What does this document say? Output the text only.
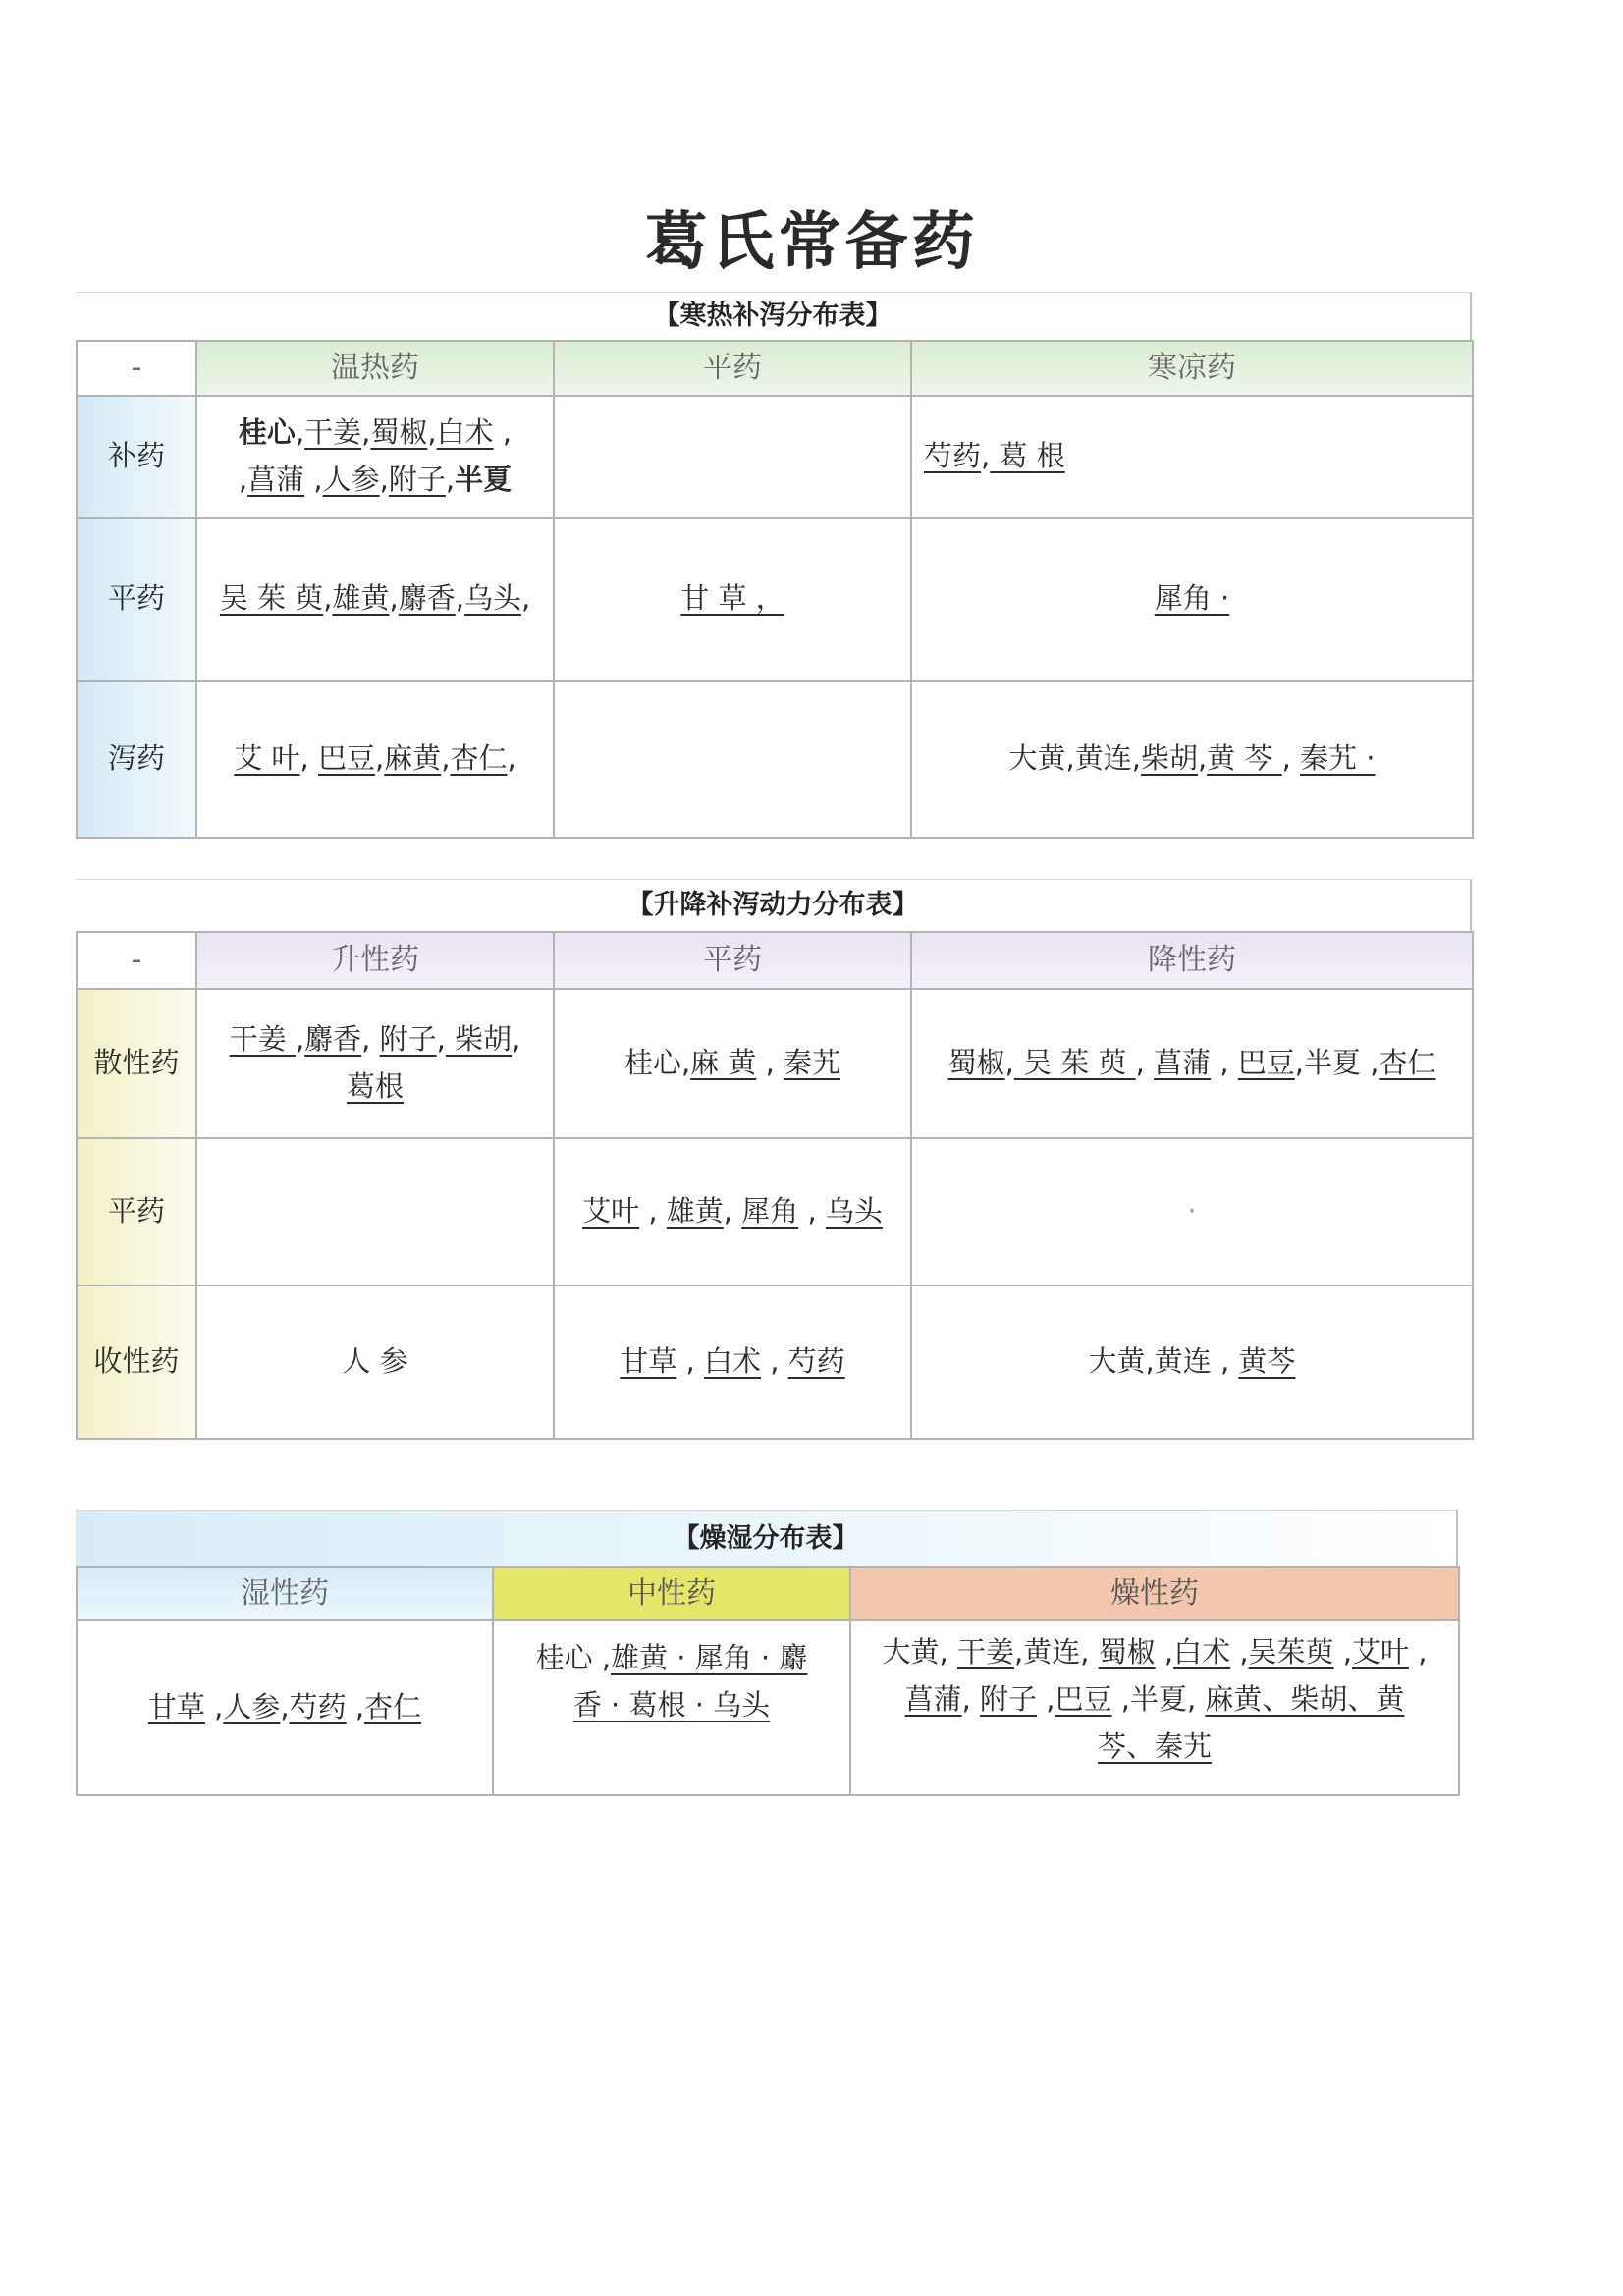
葛氏常备药
【寒热补泻分布表】
-	温热药	平药	寒凉药
补药	桂心,干姜,蜀椒,白术 ,
,菖蒲 ,人参,附子,半夏		芍药, 葛 根
平药	吴 茱 萸,雄黄,麝香,乌头,	甘 草 ，	犀角 ·
泻药	艾 叶, 巴豆,麻黄,杏仁,		大黄,黄连,柴胡,黄 芩 , 秦艽 ·
【升降补泻动力分布表】
-	升性药	平药	降性药
散性药	干姜 ,麝香, 附子, 柴胡,
葛根	桂心,麻 黄 , 秦艽	蜀椒, 吴 茱 萸 , 菖蒲 , 巴豆,半夏 ,杏仁
平药		艾叶 , 雄黄, 犀角 , 乌头	·
收性药	人 参	甘草 , 白术 , 芍药	大黄,黄连 , 黄芩
【燥湿分布表】
湿性药	中性药	燥性药
甘草 ,人参,芍药 ,杏仁	桂心 ,雄黄 · 犀角 · 麝
香 · 葛根 · 乌头	大黄, 干姜,黄连, 蜀椒 ,白术 ,吴茱萸 ,艾叶 ,
菖蒲, 附子 ,巴豆 ,半夏, 麻黄、柴胡、黄
芩、秦艽
